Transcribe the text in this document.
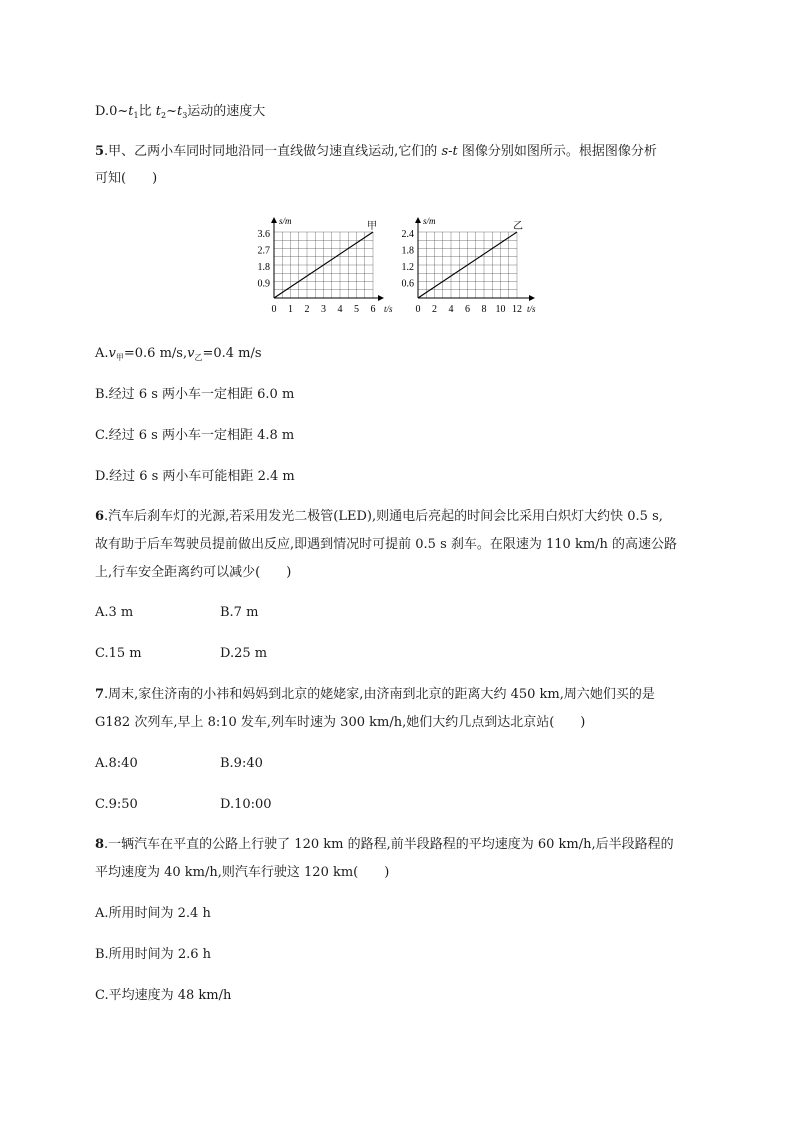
$D.0\sim t_1$比 $t_2\sim t_3$运动的速度大
5.甲、乙两小车同时同地沿同一直线做匀速直线运动,它们的 s-t 图像分别如图所示。根据图像分析
可知(　　)
s/m	甲
3.6
2.7
1.8
0.9
0 1 2 3 4 5 6 t/s
s/m	乙
2.4
1.8
1.2
0.6
0 2 4 6 8 10 12 t/s
$A.v_甲=0.6$ $m/s,v_乙=0.4$ m/s
B.经过 6 s 两小车一定相距 6.0 m
C.经过 6 s 两小车一定相距 4.8 m
D.经过 6 s 两小车可能相距 2.4 m
6.汽车后刹车灯的光源,若采用发光二极管(LED),则通电后亮起的时间会比采用白炽灯大约快 0.5 s,
故有助于后车驾驶员提前做出反应,即遇到情况时可提前 0.5 s 刹车。在限速为 110 km/h 的高速公路
上,行车安全距离约可以减少(　　)
A.3 m	B.7 m
C.15 m	D.25 m
7.周末,家住济南的小祎和妈妈到北京的姥姥家,由济南到北京的距离大约 450 km,周六她们买的是
G182 次列车,早上 8:10 发车,列车时速为 300 km/h,她们大约几点到达北京站(　　)
A.8:40	B.9:40
C.9:50	D.10:00
8.一辆汽车在平直的公路上行驶了 120 km 的路程,前半段路程的平均速度为 60 km/h,后半段路程的
平均速度为 40 km/h,则汽车行驶这 120 km(　　)
A.所用时间为 2.4 h
B.所用时间为 2.6 h
C.平均速度为 48 km/h
